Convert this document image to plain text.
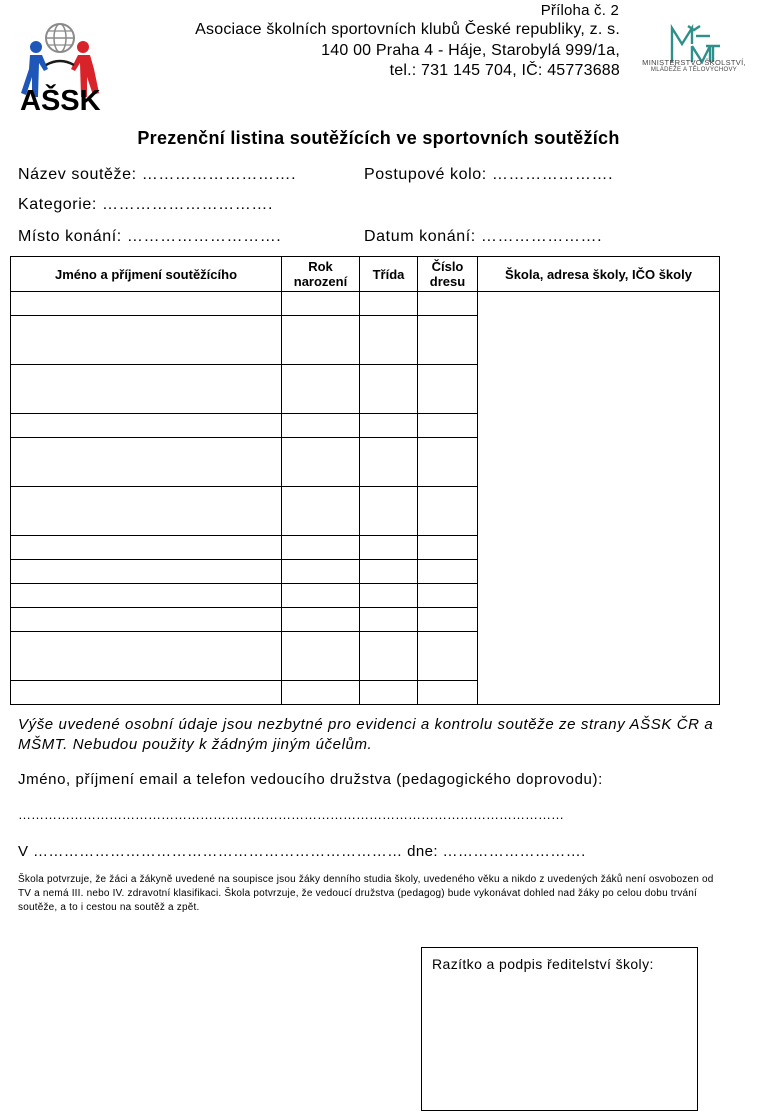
AŠSK
Příloha č. 2
Asociace školních sportovních klubů České republiky, z. s.
140 00 Praha 4 - Háje, Starobylá 999/1a,
tel.: 731 145 704, IČ: 45773688	MINISTERSTVO ŠKOLSTVÍ,
MLÁDEŽE A TĚLOVÝCHOVY
Prezenční listina soutěžících ve sportovních soutěžích
Název soutěže: ……………………….	Postupové kolo: ………………….
Kategorie: ………………………….
Místo konání: ……………………….	Datum konání: ………………….
Jméno a příjmení soutěžícího	Rok narození	Třída	Číslo dresu	Škola, adresa školy, IČO školy

Výše uvedené osobní údaje jsou nezbytné pro evidenci a kontrolu soutěže ze strany AŠSK ČR a MŠMT. Nebudou použity k žádným jiným účelům.
Jméno, příjmení email a telefon vedoucího družstva (pedagogického doprovodu):
………………………………………………………………………………………………………………
V ……………………………………………………………… dne: ……………………….
Škola potvrzuje, že žáci a žákyně uvedené na soupisce jsou žáky denního studia školy, uvedeného věku a nikdo z uvedených žáků není osvobozen od TV a nemá III. nebo IV. zdravotní klasifikaci. Škola potvrzuje, že vedoucí družstva (pedagog) bude vykonávat dohled nad žáky po celou dobu trvání soutěže, a to i cestou na soutěž a zpět.
Razítko a podpis ředitelství školy:
